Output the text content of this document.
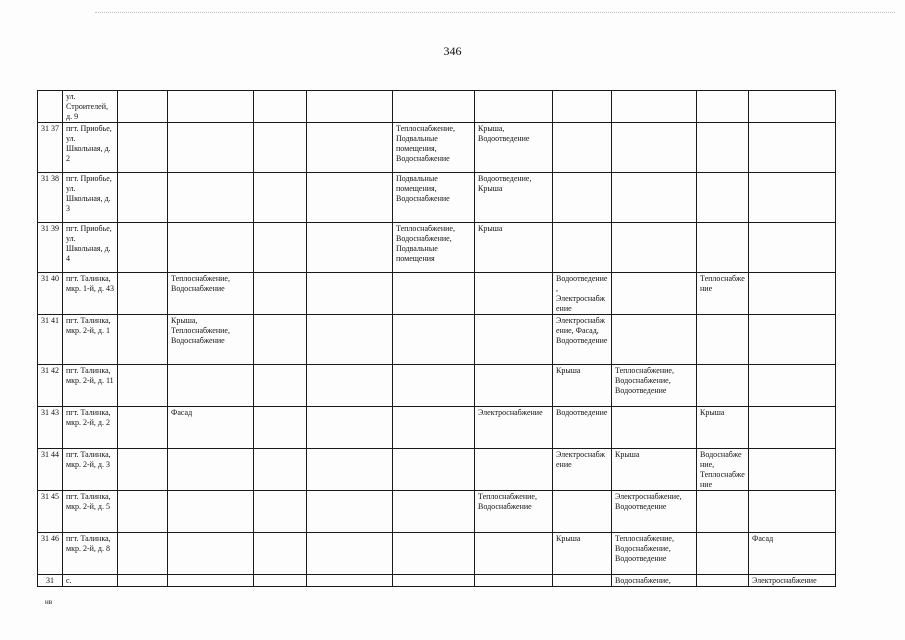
346
	ул. Строителей, д. 9										
31 37	пгт. Приобье, ул. Школьная, д. 2					Теплоснабжение, Подвальные помещения, Водоснабжение	Крыша, Водоотведение				
31 38	пгт. Приобье, ул. Школьная, д. 3					Подвальные помещения, Водоснабжение	Водоотведение, Крыша				
31 39	пгт. Приобье, ул. Школьная, д. 4					Теплоснабжение, Водоснабжение, Подвальные помещения	Крыша				
31 40	пгт. Талинка, мкр. 1-й, д. 43		Теплоснабжение, Водоснабжение					Водоотведение, Электроснабжение		Теплоснабжение	
31 41	пгт. Талинка, мкр. 2-й, д. 1		Крыша, Теплоснабжение, Водоснабжение					Электроснабжение, Фасад, Водоотведение			
31 42	пгт. Талинка, мкр. 2-й, д. 11							Крыша	Теплоснабжение, Водоснабжение, Водоотведение		
31 43	пгт. Талинка, мкр. 2-й, д. 2		Фасад				Электроснабжение	Водоотведение		Крыша	
31 44	пгт. Талинка, мкр. 2-й, д. 3							Электроснабжение	Крыша	Водоснабжение, Теплоснабжение	
31 45	пгт. Талинка, мкр. 2-й, д. 5						Теплоснабжение, Водоснабжение		Электроснабжение, Водоотведение		
31 46	пгт. Талинка, мкр. 2-й, д. 8							Крыша	Теплоснабжение, Водоснабжение, Водоотведение		Фасад
31	с.								Водоснабжение,		Электроснабжение
нв
